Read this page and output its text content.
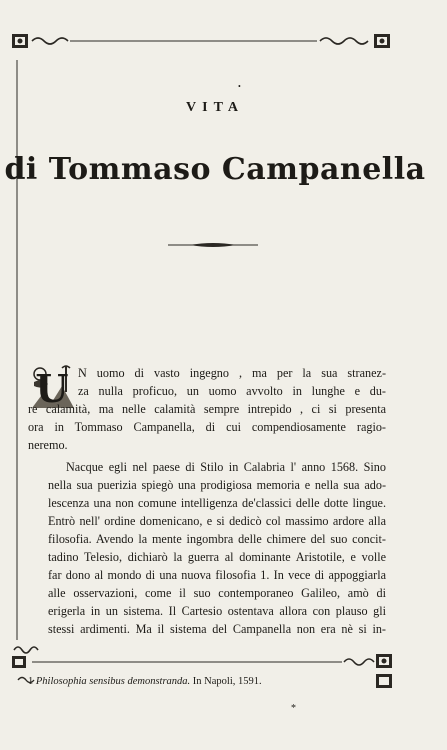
•
VITA
di Tommaso Campanella
U N uomo di vasto ingegno , ma per la sua stranez-
za nulla proficuo, un uomo avvolto in lunghe e du-
re calamità, ma nelle calamità sempre intrepido , ci si presenta
ora in Tommaso Campanella, di cui compendiosamente ragio-
neremo.

Nacque egli nel paese di Stilo in Calabria l' anno 1568. Sino
nella sua puerizia spiegò una prodigiosa memoria e nella sua ado-
lescenza una non comune intelligenza de'classici delle dotte lingue.
Entrò nell' ordine domenicano, e si dedicò col massimo ardore alla
filosofia. Avendo la mente ingombra delle chimere del suo concit-
tadino Telesio, dichiarò la guerra al dominante Aristotile, e volle
far dono al mondo di una nuova filosofia 1. In vece di appoggiarla
alle osservazioni, come il suo contemporaneo Galileo, amò di
erigerla in un sistema. Il Cartesio ostentava allora con plauso gli
stessi ardimenti. Ma il sistema del Campanella non era nè si in-

1 Philosophia sensibus demonstranda. In Napoli, 1591.
*
